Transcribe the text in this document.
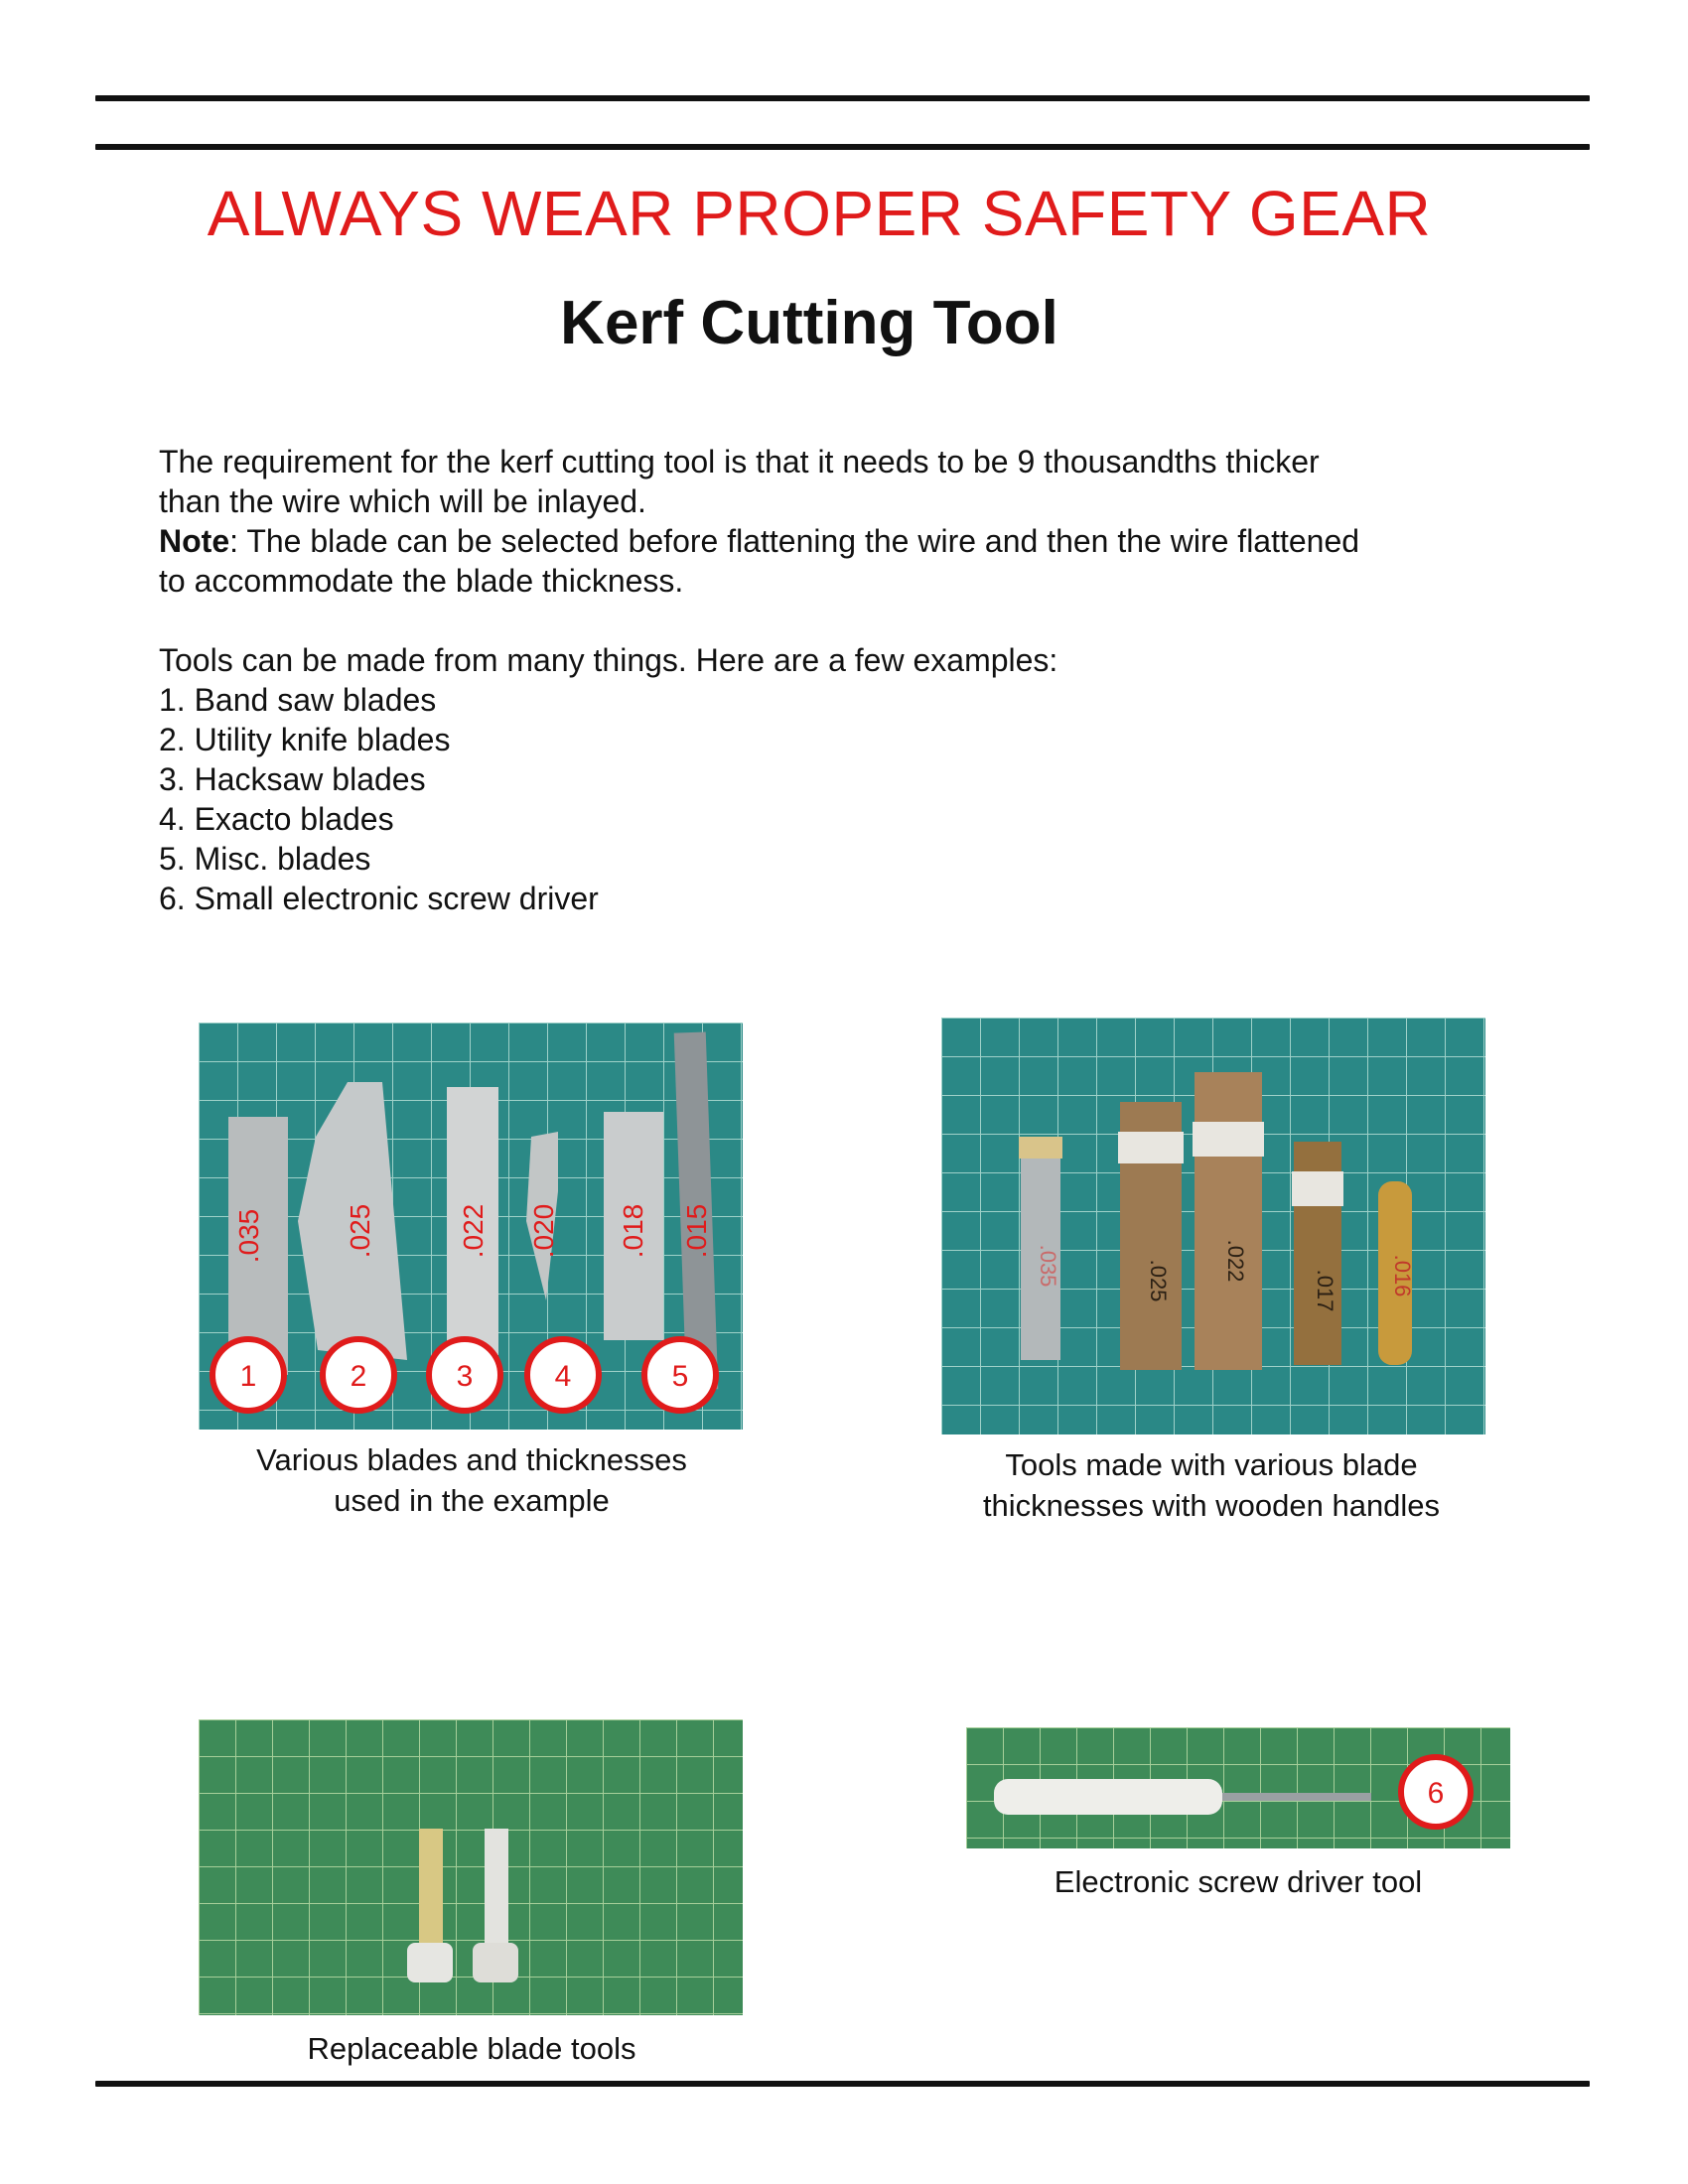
ALWAYS WEAR PROPER SAFETY GEAR
Kerf Cutting Tool

The requirement for the kerf cutting tool is that it needs to be 9 thousandths thicker

than the wire which will be inlayed.

Note: The blade can be selected before flattening the wire and then the wire flattened

to accommodate the blade thickness.

Tools can be made from many things. Here are a few examples:

1. Band saw blades
2. Utility knife blades
3. Hacksaw blades
4. Exacto blades
5. Misc. blades
6. Small electronic screw driver
.035	.025	.022 .020 .018 .015
1	2	3	4	5
Various blades and thicknesses
used in the example
.035	.025 .022
.017 .016
Tools made with various blade
thicknesses with wooden handles
Replaceable blade tools
6
Electronic screw driver tool
